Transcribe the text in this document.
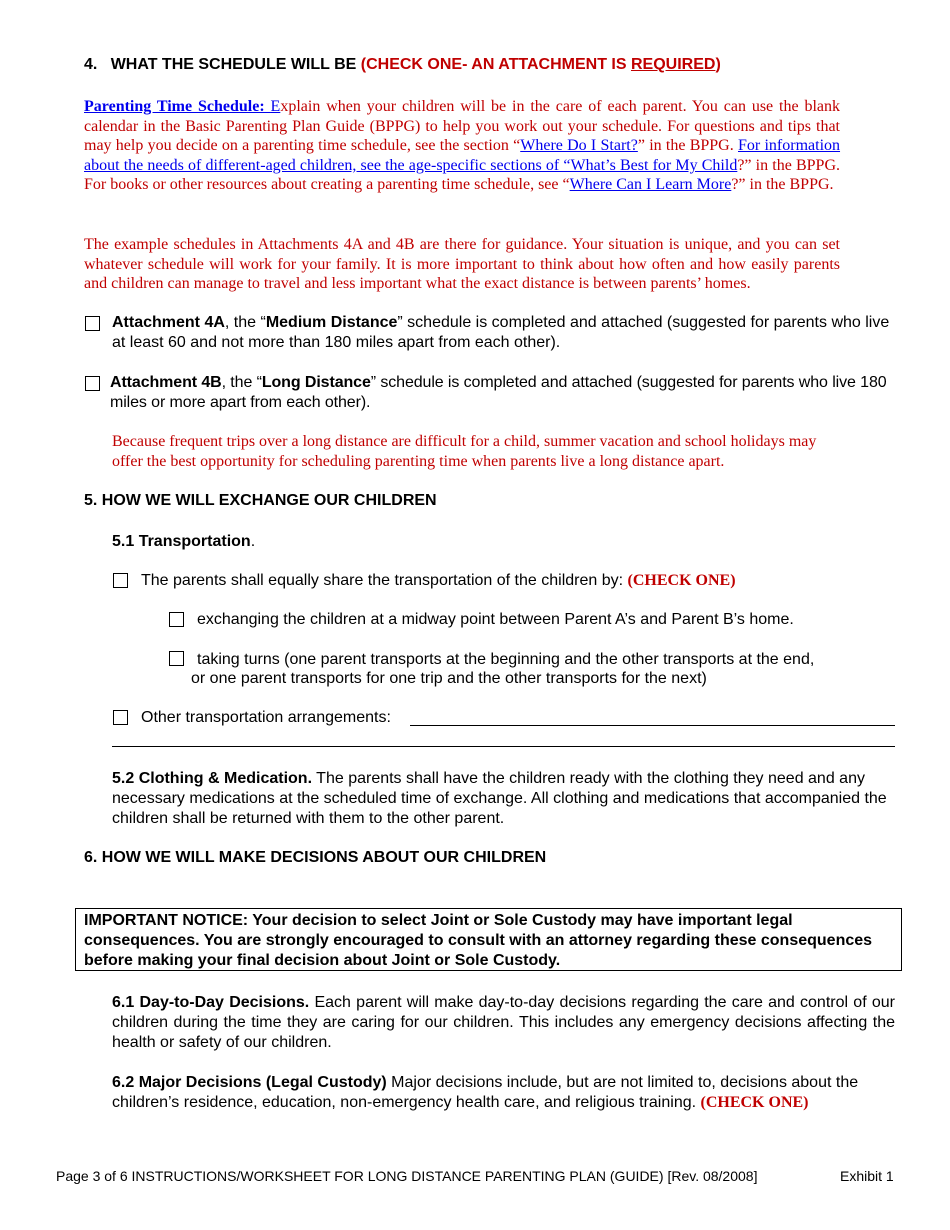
4. WHAT THE SCHEDULE WILL BE (CHECK ONE- AN ATTACHMENT IS REQUIRED)
Parenting Time Schedule: Explain when your children will be in the care of each parent. You can use the blank calendar in the Basic Parenting Plan Guide (BPPG) to help you work out your schedule. For questions and tips that may help you decide on a parenting time schedule, see the section “Where Do I Start?” in the BPPG. For information about the needs of different-aged children, see the age-specific sections of “What’s Best for My Child?” in the BPPG. For books or other resources about creating a parenting time schedule, see “Where Can I Learn More?” in the BPPG.
The example schedules in Attachments 4A and 4B are there for guidance. Your situation is unique, and you can set whatever schedule will work for your family. It is more important to think about how often and how easily parents and children can manage to travel and less important what the exact distance is between parents’ homes.
Attachment 4A, the “Medium Distance” schedule is completed and attached (suggested for parents who live at least 60 and not more than 180 miles apart from each other).
Attachment 4B, the “Long Distance” schedule is completed and attached (suggested for parents who live 180 miles or more apart from each other).
Because frequent trips over a long distance are difficult for a child, summer vacation and school holidays may offer the best opportunity for scheduling parenting time when parents live a long distance apart.
5. HOW WE WILL EXCHANGE OUR CHILDREN
5.1 Transportation.
The parents shall equally share the transportation of the children by: (CHECK ONE)
exchanging the children at a midway point between Parent A’s and Parent B’s home.
taking turns (one parent transports at the beginning and the other transports at the end,
or one parent transports for one trip and the other transports for the next)
Other transportation arrangements:
5.2 Clothing & Medication. The parents shall have the children ready with the clothing they need and any necessary medications at the scheduled time of exchange. All clothing and medications that accompanied the children shall be returned with them to the other parent.
6. HOW WE WILL MAKE DECISIONS ABOUT OUR CHILDREN
IMPORTANT NOTICE: Your decision to select Joint or Sole Custody may have important legal consequences. You are strongly encouraged to consult with an attorney regarding these consequences before making your final decision about Joint or Sole Custody.
6.1 Day-to-Day Decisions. Each parent will make day-to-day decisions regarding the care and control of our children during the time they are caring for our children. This includes any emergency decisions affecting the health or safety of our children.
6.2 Major Decisions (Legal Custody) Major decisions include, but are not limited to, decisions about the children’s residence, education, non-emergency health care, and religious training. (CHECK ONE)
Page 3 of 6 INSTRUCTIONS/WORKSHEET FOR LONG DISTANCE PARENTING PLAN (GUIDE) [Rev. 08/2008]	Exhibit 1
